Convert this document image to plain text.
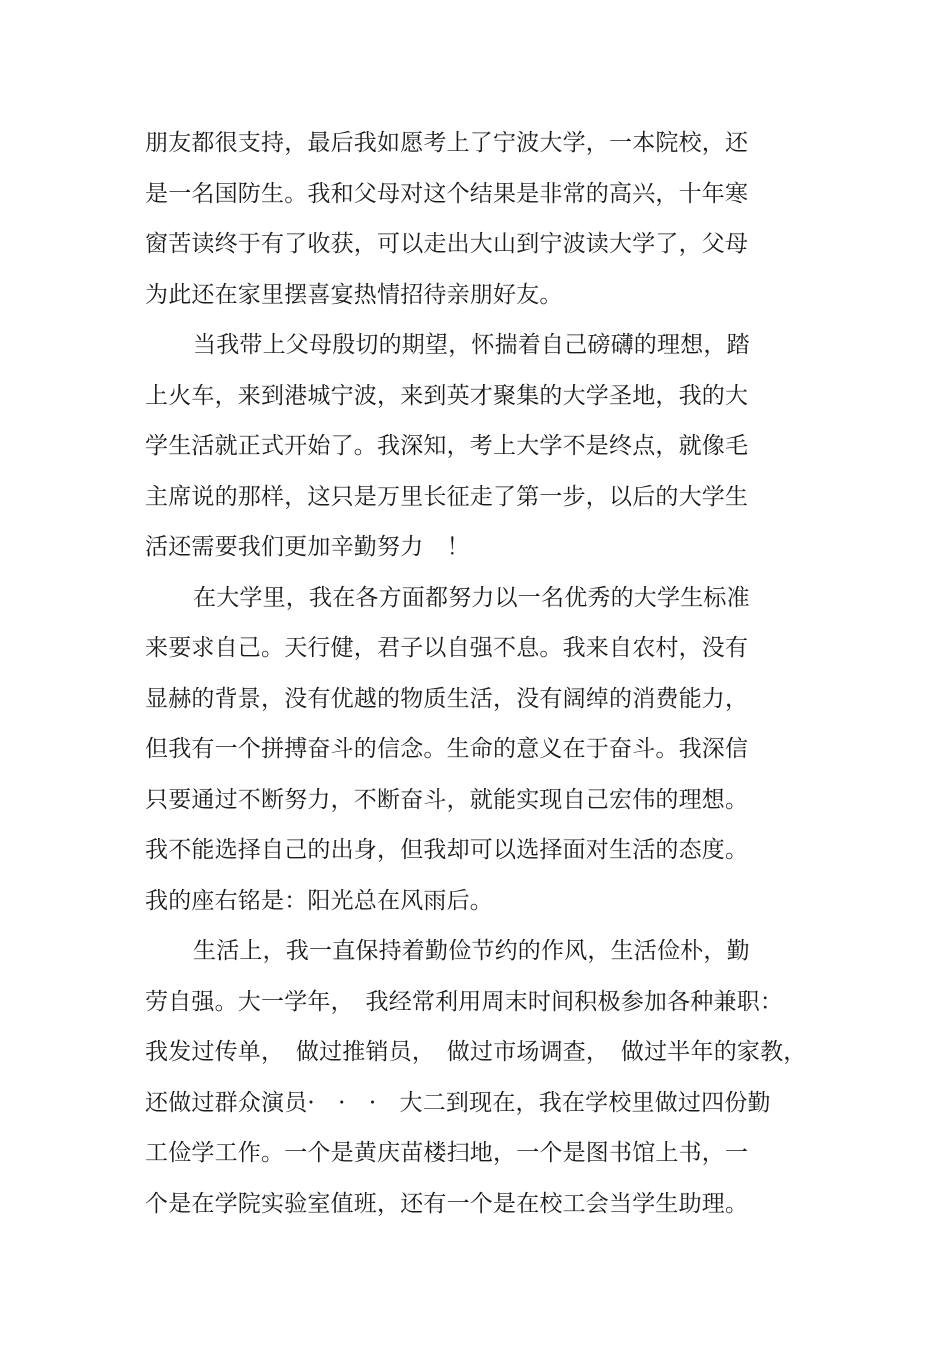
朋友都很支持，最后我如愿考上了宁波大学，一本院校，还
是一名国防生。我和父母对这个结果是非常的高兴，十年寒
窗苦读终于有了收获，可以走出大山到宁波读大学了，父母
为此还在家里摆喜宴热情招待亲朋好友。
当我带上父母殷切的期望，怀揣着自己磅礴的理想，踏
上火车，来到港城宁波，来到英才聚集的大学圣地，我的大
学生活就正式开始了。我深知，考上大学不是终点，就像毛
主席说的那样，这只是万里长征走了第一步，以后的大学生
活还需要我们更加辛勤努力　！
在大学里，我在各方面都努力以一名优秀的大学生标准
来要求自己。天行健，君子以自强不息。我来自农村，没有
显赫的背景，没有优越的物质生活，没有阔绰的消费能力，
但我有一个拼搏奋斗的信念。生命的意义在于奋斗。我深信
只要通过不断努力，不断奋斗，就能实现自己宏伟的理想。
我不能选择自己的出身，但我却可以选择面对生活的态度。
我的座右铭是：阳光总在风雨后。
生活上，我一直保持着勤俭节约的作风，生活俭朴，勤
劳自强。大一学年，　我经常利用周末时间积极参加各种兼职：
我发过传单，　做过推销员，　做过市场调查，　做过半年的家教，
还做过群众演员·　·　·　大二到现在，我在学校里做过四份勤
工俭学工作。一个是黄庆苗楼扫地，一个是图书馆上书，一
个是在学院实验室值班，还有一个是在校工会当学生助理。
